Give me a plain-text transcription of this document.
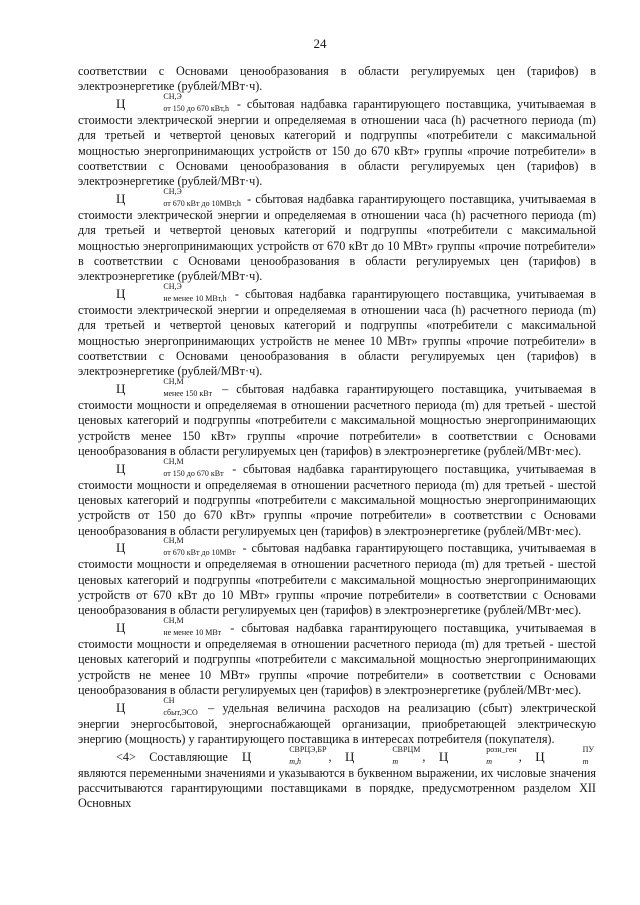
24

соответствии с Основами ценообразования в области регулируемых цен (тарифов) в электроэнергетике (рублей/МВт·ч).

Ц	СН,Э
от 150 до 670 кВт,h - сбытовая надбавка гарантирующего поставщика, учитываемая в стоимости электрической энергии и определяемая в отношении часа (h) расчетного периода (m) для третьей и четвертой ценовых категорий и подгруппы «потребители с максимальной мощностью энергопринимающих устройств от 150 до 670 кВт» группы «прочие потребители» в соответствии с Основами ценообразования в области регулируемых цен (тарифов) в электроэнергетике (рублей/МВт·ч).

Ц	СН,Э
от 670 кВт до 10МВт,h - сбытовая надбавка гарантирующего поставщика, учитываемая в стоимости электрической энергии и определяемая в отношении часа (h) расчетного периода (m) для третьей и четвертой ценовых категорий и подгруппы «потребители с максимальной мощностью энергопринимающих устройств от 670 кВт до 10 МВт» группы «прочие потребители» в соответствии с Основами ценообразования в области регулируемых цен (тарифов) в электроэнергетике (рублей/МВт·ч).

Ц	СН,Э
не менее 10 МВт,h - сбытовая надбавка гарантирующего поставщика, учитываемая в стоимости электрической энергии и определяемая в отношении часа (h) расчетного периода (m) для третьей и четвертой ценовых категорий и подгруппы «потребители с максимальной мощностью энергопринимающих устройств не менее 10 МВт» группы «прочие потребители» в соответствии с Основами ценообразования в области регулируемых цен (тарифов) в электроэнергетике (рублей/МВт·ч).

Ц	СН,М
менее 150 кВт – сбытовая надбавка гарантирующего поставщика, учитываемая в стоимости мощности и определяемая в отношении расчетного периода (m) для третьей - шестой ценовых категорий и подгруппы «потребители с максимальной мощностью энергопринимающих устройств менее 150 кВт» группы «прочие потребители» в соответствии с Основами ценообразования в области регулируемых цен (тарифов) в электроэнергетике (рублей/МВт·мес).

Ц	СН,М
от 150 до 670 кВт - сбытовая надбавка гарантирующего поставщика, учитываемая в стоимости мощности и определяемая в отношении расчетного периода (m) для третьей - шестой ценовых категорий и подгруппы «потребители с максимальной мощностью энергопринимающих устройств от 150 до 670 кВт» группы «прочие потребители» в соответствии с Основами ценообразования в области регулируемых цен (тарифов) в электроэнергетике (рублей/МВт·мес).

Ц	СН,М
от 670 кВт до 10МВт - сбытовая надбавка гарантирующего поставщика, учитываемая в стоимости мощности и определяемая в отношении расчетного периода (m) для третьей - шестой ценовых категорий и подгруппы «потребители с максимальной мощностью энергопринимающих устройств от 670 кВт до 10 МВт» группы «прочие потребители» в соответствии с Основами ценообразования в области регулируемых цен (тарифов) в электроэнергетике (рублей/МВт·мес).

Ц	СН,М
не менее 10 МВт - сбытовая надбавка гарантирующего поставщика, учитываемая в стоимости мощности и определяемая в отношении расчетного периода (m) для третьей - шестой ценовых категорий и подгруппы «потребители с максимальной мощностью энергопринимающих устройств не менее 10 МВт» группы «прочие потребители» в соответствии с Основами ценообразования в области регулируемых цен (тарифов) в электроэнергетике (рублей/МВт·мес).

Ц	СН
сбыт,ЭСО – удельная величина расходов на реализацию (сбыт) электрической энергии энергосбытовой, энергоснабжающей организации, приобретающей электрическую энергию (мощность) у гарантирующего поставщика в интересах потребителя (покупателя).

<4> Составляющие Ц	СВРЦЭ,БР
m,h	, Ц	СВРЦМ
m	, Ц	розн_ген
m	, Ц	ПУ
m
являются переменными значениями и указываются в буквенном выражении, их числовые значения рассчитываются гарантирующими поставщиками в порядке, предусмотренном разделом XII Основных
